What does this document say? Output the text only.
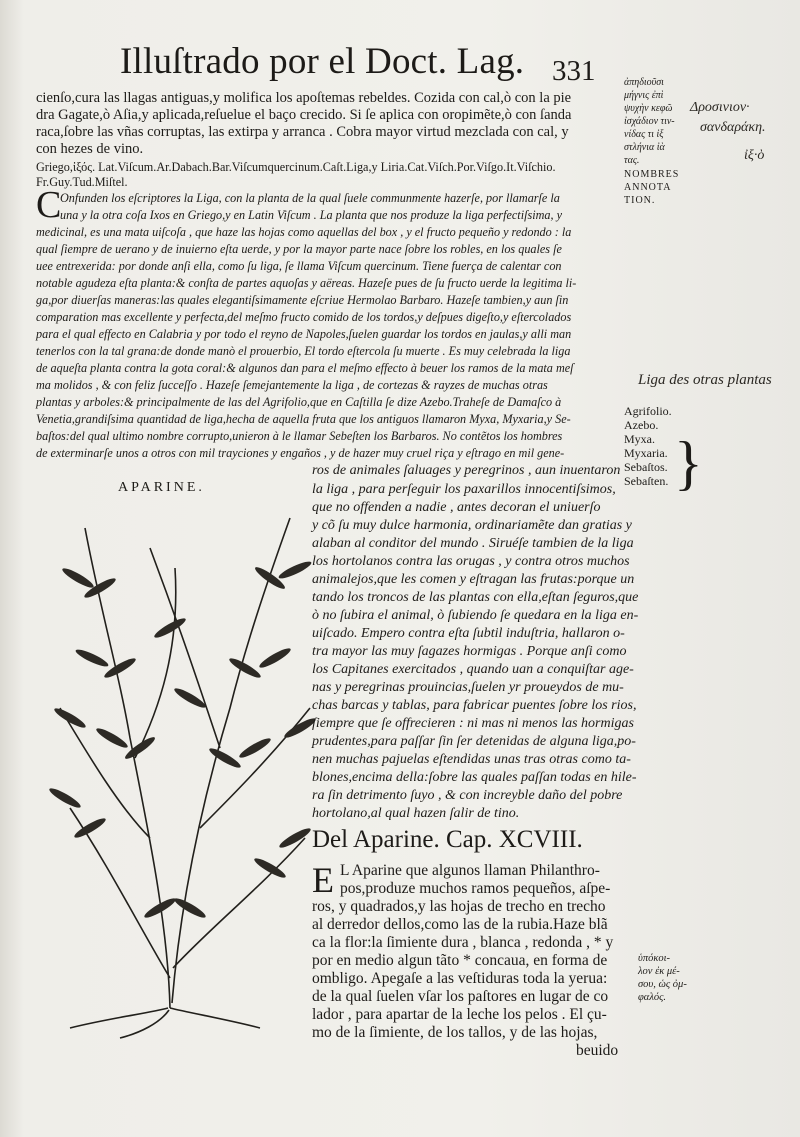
Illuſtrado por el Doct. Lag. 331
cienſo,cura las llagas antiguas,y molifica los apoſtemas rebeldes. Cozida con cal,ò con la pie
dra Gagate,ò Aſia,y aplicada,reſuelue el baço crecido. Si ſe aplica con oropimẽte,ò con ſanda
raca,ſobre las vñas corruptas, las extirpa y arranca . Cobra mayor virtud mezclada con cal, y
con hezes de vino.
Griego,ἰξός. Lat.Viſcum.Ar.Dabach.Bar.Viſcumquercinum.Caſt.Liga,y Liria.Cat.Viſch.Por.Viſgo.It.Viſchio.
Fr.Guy.Tud.Miſtel.
C
Onfunden los eſcriptores la Liga, con la planta de la qual ſuele communmente hazerſe, por llamarſe la
una y la otra coſa Ixos en Griego,y en Latin Viſcum . La planta que nos produze la liga perfectiſsima, y
medicinal, es una mata uiſcoſa , que haze las hojas como aquellas del box , y el fructo pequeño y redondo : la
qual ſiempre de uerano y de inuierno eſta uerde, y por la mayor parte nace ſobre los robles, en los quales ſe
uee entrexerida: por donde anſi ella, como ſu liga, ſe llama Viſcum quercinum. Tiene fuerça de calentar con
notable agudeza eſta planta:& conſta de partes aquoſas y aëreas. Hazeſe pues de ſu fructo uerde la legitima li-
ga,por diuerſas maneras:las quales elegantiſsimamente eſcriue Hermolao Barbaro. Hazeſe tambien,y aun ſin
comparation mas excellente y perfecta,del meſmo fructo comido de los tordos,y deſpues digeſto,y eſtercolados
para el qual effecto en Calabria y por todo el reyno de Napoles,ſuelen guardar los tordos en jaulas,y alli man
tenerlos con la tal grana:de donde manò el prouerbio, El tordo eſtercola ſu muerte . Es muy celebrada la liga
de aqueſta planta contra la gota coral:& algunos dan para el meſmo effecto à beuer los ramos de la mata meſ
ma molidos , & con feliz ſucceſſo . Hazeſe ſemejantemente la liga , de cortezas & rayzes de muchas otras
plantas y arboles:& principalmente de las del Agrifolio,que en Caſtilla ſe dize Azebo.Traheſe de Damaſco à
Venetia,grandiſsima quantidad de liga,hecha de aquella fruta que los antiguos llamaron Myxa, Myxaria,y Se-
baſtos:del qual ultimo nombre corrupto,unieron à le llamar Sebeſten los Barbaros. No contẽtos los hombres
de exterminarſe unos a otros con mil trayciones y engaños , y de hazer muy cruel riça y eſtrago en mil gene-
APARINE.
ros de animales ſaluages y peregrinos , aun inuentaron
la liga , para perſeguir los paxarillos innocentiſsimos,
que no offenden a nadie , antes decoran el uniuerſo
y cõ ſu muy dulce harmonia, ordinariamẽte dan gratias y
alaban al conditor del mundo . Siruéſe tambien de la liga
los hortolanos contra las orugas , y contra otros muchos
animalejos,que les comen y eſtragan las frutas:porque un
tando los troncos de las plantas con ella,eſtan ſeguros,que
ò no ſubira el animal, ò ſubiendo ſe quedara en la liga en-
uiſcado. Empero contra eſta ſubtil induſtria, hallaron o-
tra mayor las muy ſagazes hormigas . Porque anſi como
los Capitanes exercitados , quando uan a conquiſtar age-
nas y peregrinas prouincias,ſuelen yr proueydos de mu-
chas barcas y tablas, para fabricar puentes ſobre los rios,
ſiempre que ſe offrecieren : ni mas ni menos las hormigas
prudentes,para paſſar ſin ſer detenidas de alguna liga,po-
nen muchas pajuelas eſtendidas unas tras otras como ta-
blones,encima della:ſobre las quales paſſan todas en hile-
ra ſin detrimento ſuyo , & con increyble daño del pobre
hortolano,al qual hazen ſalir de tino.
Del Aparine. Cap. XCVIII.
E L Aparine que algunos llaman Philanthro-
pos,produze muchos ramos pequeños, aſpe-
ros, y quadrados,y las hojas de trecho en trecho
al derredor dellos,como las de la rubia.Haze blã
ca la flor:la ſimiente dura , blanca , redonda , * y
por en medio algun tãto * concaua, en forma de
ombligo. Apegaſe a las veſtiduras toda la yerua:
de la qual ſuelen vſar los paſtores en lugar de co
lador , para apartar de la leche los pelos . El çu-
mo de la ſimiente, de los tallos, y de las hojas,
beuido
ἀπηδιοῦσι
μήγνις ἐπὶ
ψυχὴν κεφῶ
ἰσχάδιον τιν-
νίδας τι ἰξ
στλήνια ἰὰ
τας.
NOMBRES
ANNOTA
TION.
Δροσινιον·
σανδαράκη.
ἰξ·ὸ
Liga des otras plantas
Agrifolio.
Azebo.
Myxa.
Myxaria.
Sebaſtos.
Sebaſten. }
ὑπόκοι-
λον ἐκ μέ-
σου, ὡς ὀμ-
φαλός.
